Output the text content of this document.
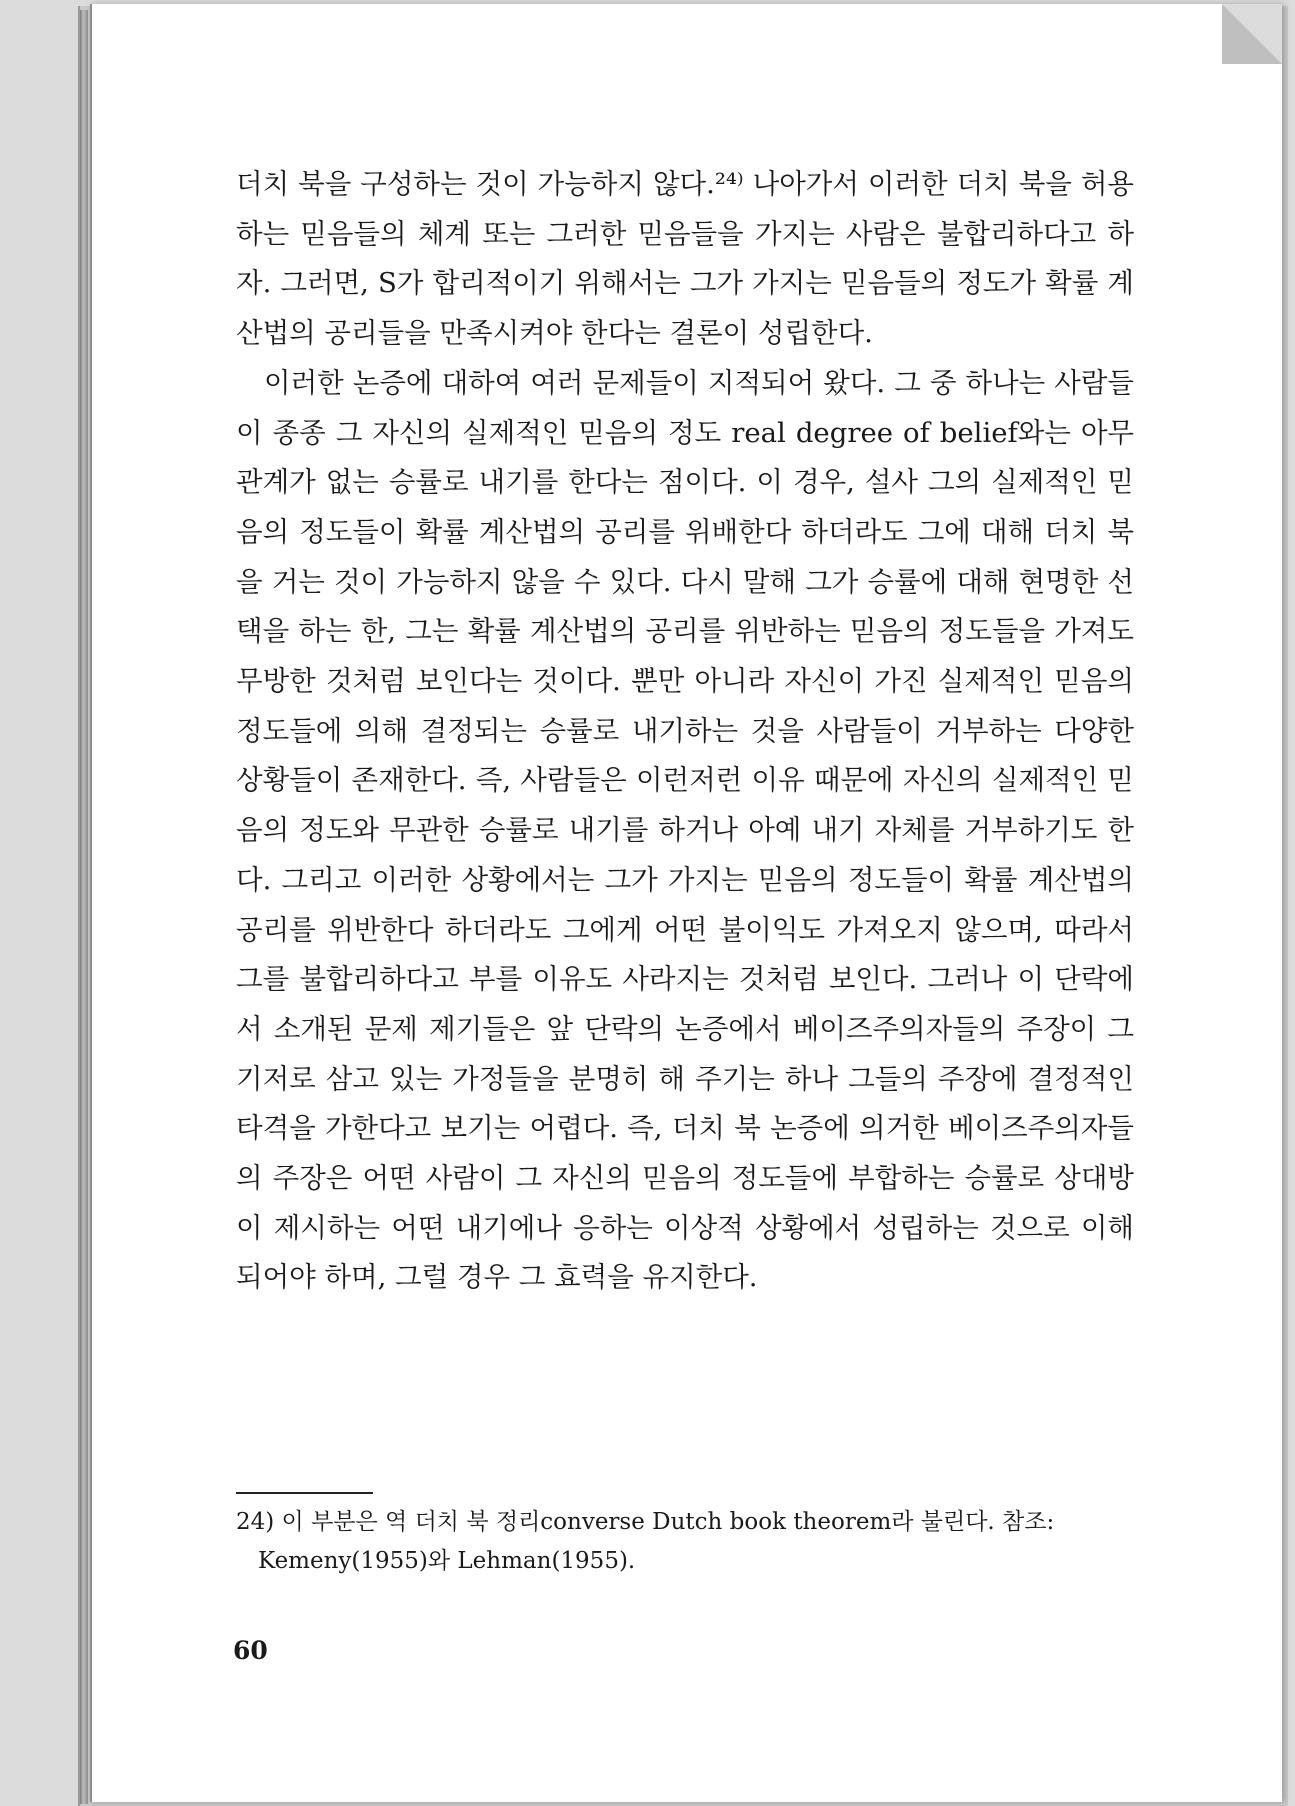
더치 북을 구성하는 것이 가능하지 않다.²⁴⁾ 나아가서 이러한 더치 북을 허용하는 믿음들의 체계 또는 그러한 믿음들을 가지는 사람은 불합리하다고 하자. 그러면, S가 합리적이기 위해서는 그가 가지는 믿음들의 정도가 확률 계산법의 공리들을 만족시켜야 한다는 결론이 성립한다.

이러한 논증에 대하여 여러 문제들이 지적되어 왔다. 그 중 하나는 사람들이 종종 그 자신의 실제적인 믿음의 정도 real degree of belief와는 아무 관계가 없는 승률로 내기를 한다는 점이다. 이 경우, 설사 그의 실제적인 믿음의 정도들이 확률 계산법의 공리를 위배한다 하더라도 그에 대해 더치 북을 거는 것이 가능하지 않을 수 있다. 다시 말해 그가 승률에 대해 현명한 선택을 하는 한, 그는 확률 계산법의 공리를 위반하는 믿음의 정도들을 가져도 무방한 것처럼 보인다는 것이다. 뿐만 아니라 자신이 가진 실제적인 믿음의 정도들에 의해 결정되는 승률로 내기하는 것을 사람들이 거부하는 다양한 상황들이 존재한다. 즉, 사람들은 이런저런 이유 때문에 자신의 실제적인 믿음의 정도와 무관한 승률로 내기를 하거나 아예 내기 자체를 거부하기도 한다. 그리고 이러한 상황에서는 그가 가지는 믿음의 정도들이 확률 계산법의 공리를 위반한다 하더라도 그에게 어떤 불이익도 가져오지 않으며, 따라서 그를 불합리하다고 부를 이유도 사라지는 것처럼 보인다. 그러나 이 단락에서 소개된 문제 제기들은 앞 단락의 논증에서 베이즈주의자들의 주장이 그 기저로 삼고 있는 가정들을 분명히 해 주기는 하나 그들의 주장에 결정적인 타격을 가한다고 보기는 어렵다. 즉, 더치 북 논증에 의거한 베이즈주의자들의 주장은 어떤 사람이 그 자신의 믿음의 정도들에 부합하는 승률로 상대방이 제시하는 어떤 내기에나 응하는 이상적 상황에서 성립하는 것으로 이해되어야 하며, 그럴 경우 그 효력을 유지한다.

24) 이 부분은 역 더치 북 정리converse Dutch book theorem라 불린다. 참조:
Kemeny(1955)와 Lehman(1955).
60
